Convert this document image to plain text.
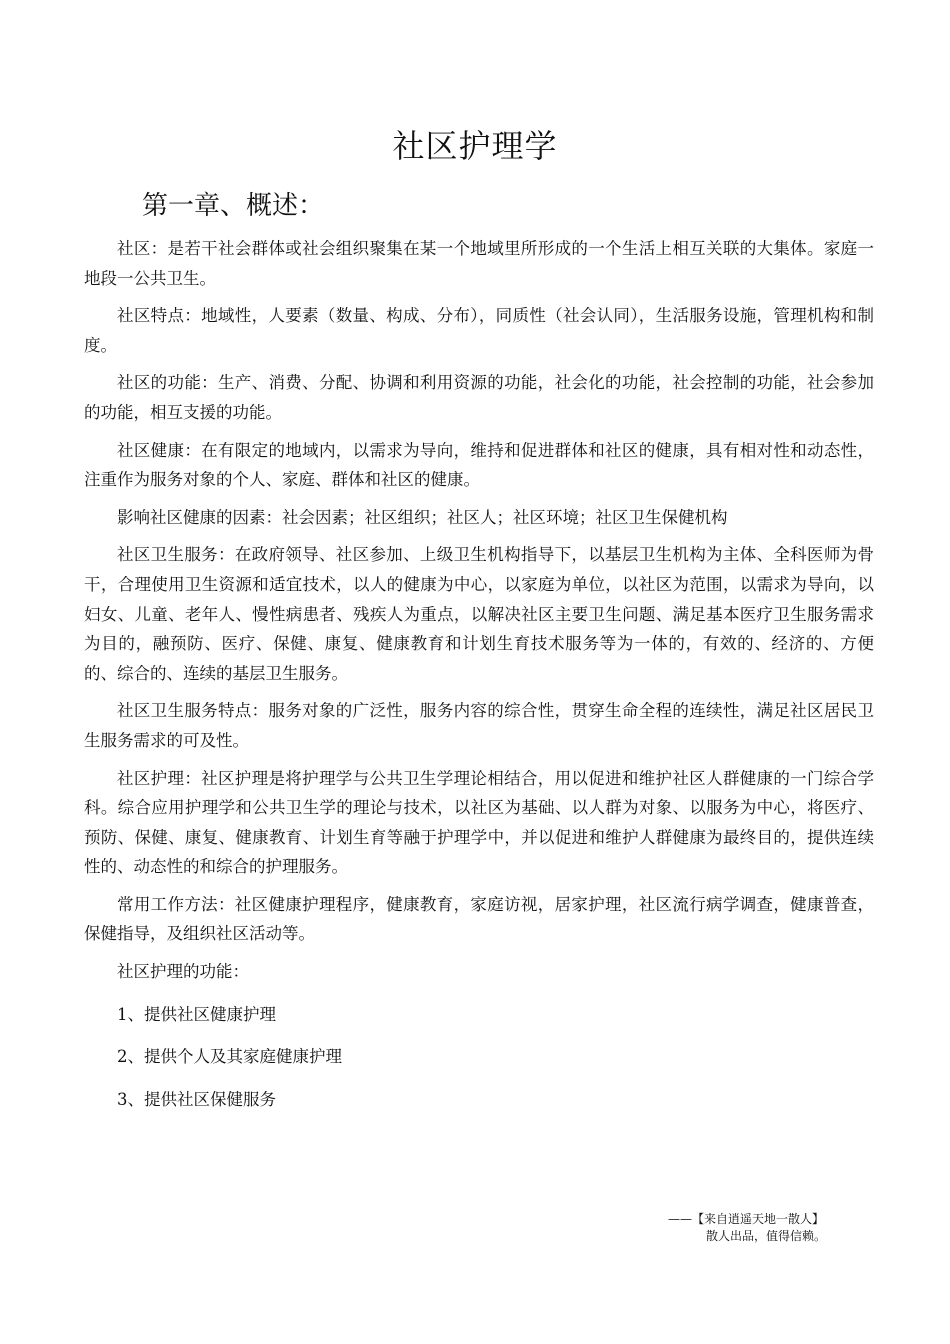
社区护理学
第一章、概述：

社区：是若干社会群体或社会组织聚集在某一个地域里所形成的一个生活上相互关联的大集体。家庭一地段一公共卫生。

社区特点：地域性，人要素（数量、构成、分布），同质性（社会认同），生活服务设施，管理机构和制度。

社区的功能：生产、消费、分配、协调和利用资源的功能，社会化的功能，社会控制的功能，社会参加的功能，相互支援的功能。

社区健康：在有限定的地域内，以需求为导向，维持和促进群体和社区的健康，具有相对性和动态性，注重作为服务对象的个人、家庭、群体和社区的健康。

影响社区健康的因素：社会因素；社区组织；社区人；社区环境；社区卫生保健机构

社区卫生服务：在政府领导、社区参加、上级卫生机构指导下，以基层卫生机构为主体、全科医师为骨干，合理使用卫生资源和适宜技术，以人的健康为中心，以家庭为单位，以社区为范围，以需求为导向，以妇女、儿童、老年人、慢性病患者、残疾人为重点，以解决社区主要卫生问题、满足基本医疗卫生服务需求为目的，融预防、医疗、保健、康复、健康教育和计划生育技术服务等为一体的，有效的、经济的、方便的、综合的、连续的基层卫生服务。

社区卫生服务特点：服务对象的广泛性，服务内容的综合性，贯穿生命全程的连续性，满足社区居民卫生服务需求的可及性。

社区护理：社区护理是将护理学与公共卫生学理论相结合，用以促进和维护社区人群健康的一门综合学科。综合应用护理学和公共卫生学的理论与技术，以社区为基础、以人群为对象、以服务为中心，将医疗、预防、保健、康复、健康教育、计划生育等融于护理学中，并以促进和维护人群健康为最终目的，提供连续性的、动态性的和综合的护理服务。

常用工作方法：社区健康护理程序，健康教育，家庭访视，居家护理，社区流行病学调查，健康普查，保健指导，及组织社区活动等。

社区护理的功能：

1、提供社区健康护理

2、提供个人及其家庭健康护理

3、提供社区保健服务

——【来自逍遥天地一散人】
散人出品，值得信赖。
